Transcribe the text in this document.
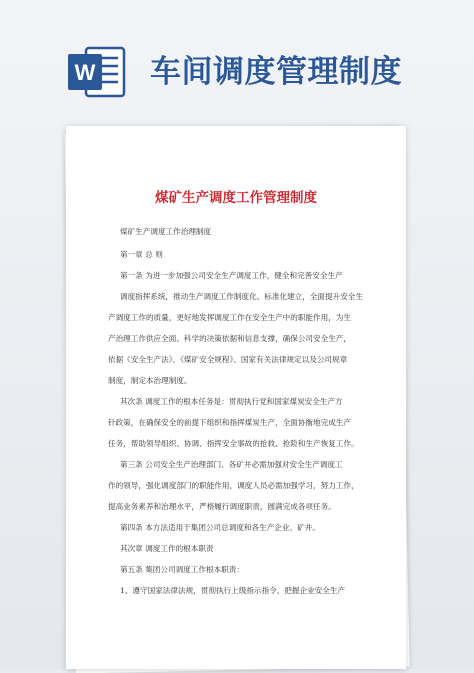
W 车间调度管理制度
煤矿生产调度工作管理制度
煤矿生产调度工作治理制度
第一章 总 则
第一条 为进一步加强公司安全生产调度工作，健全和完善安全生产
调度指挥系统，推动生产调度工作制度化、标准化建立，全面提升安全生
产调度工作的质量，更好地发挥调度工作在安全生产中的职能作用，为生
产治理工作供应全面、科学的决策依据和信息支撑，确保公司安全生产，
依据《安全生产法》、《煤矿安全规程》、国家有关法律规定以及公司规章
制度，制定本治理制度。
其次条 调度工作的根本任务是：贯彻执行党和国家煤炭安全生产方
针政策，在确保安全的前提下组织和指挥煤炭生产，全面协衡地完成生产
任务，帮助领导组织、协调、指挥安全事故的抢救、抢险和生产恢复工作。
第三条 公司安全生产治理部门、各矿井必需加强对安全生产调度工
作的领导，强化调度部门的职能作用，调度人员必需加强学习，努力工作，
提高业务素养和治理水平，严格履行调度职责，圆满完成各项任务。
第四条 本方法适用于集团公司总调度和各生产企业、矿井。
其次章 调度工作的根本职责
第五条 集团公司调度工作根本职责：
1、遵守国家法律法规，贯彻执行上级指示指令，把握企业安全生产
